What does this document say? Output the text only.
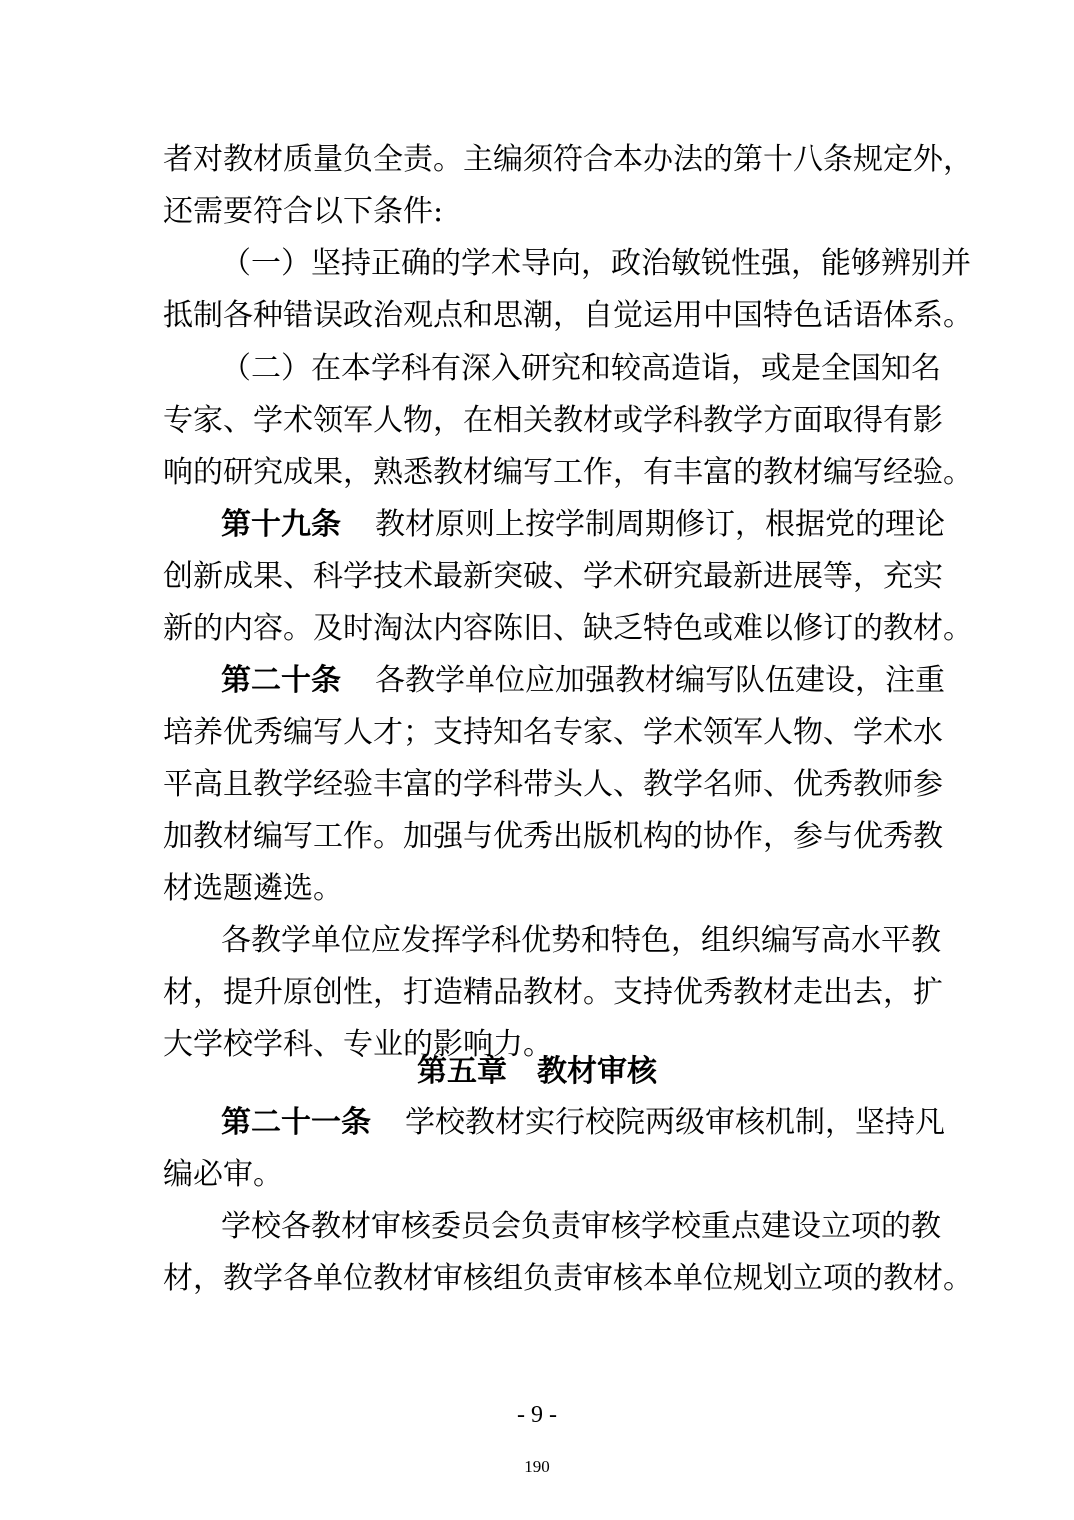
者对教材质量负全责。主编须符合本办法的第十八条规定外，
还需要符合以下条件:
（一）坚持正确的学术导向，政治敏锐性强，能够辨别并
抵制各种错误政治观点和思潮，自觉运用中国特色话语体系。
（二）在本学科有深入研究和较高造诣，或是全国知名
专家、学术领军人物，在相关教材或学科教学方面取得有影
响的研究成果，熟悉教材编写工作，有丰富的教材编写经验。
第十九条 教材原则上按学制周期修订，根据党的理论
创新成果、科学技术最新突破、学术研究最新进展等，充实
新的内容。及时淘汰内容陈旧、缺乏特色或难以修订的教材。
第二十条 各教学单位应加强教材编写队伍建设，注重
培养优秀编写人才；支持知名专家、学术领军人物、学术水
平高且教学经验丰富的学科带头人、教学名师、优秀教师参
加教材编写工作。加强与优秀出版机构的协作，参与优秀教
材选题遴选。
各教学单位应发挥学科优势和特色，组织编写高水平教
材，提升原创性，打造精品教材。支持优秀教材走出去，扩
大学校学科、专业的影响力。
第五章 教材审核
第二十一条 学校教材实行校院两级审核机制，坚持凡
编必审。
学校各教材审核委员会负责审核学校重点建设立项的教
材，教学各单位教材审核组负责审核本单位规划立项的教材。
- 9 -
190
